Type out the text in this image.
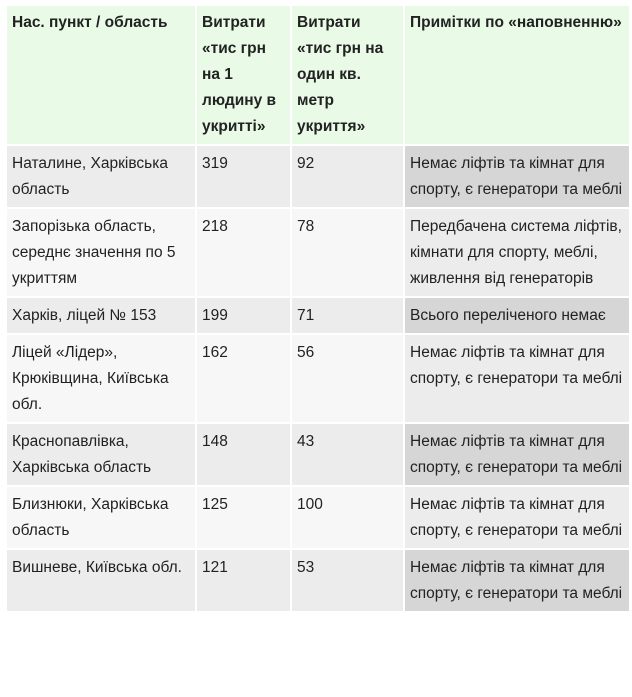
Нас. пункт / область	Витрати «тис грн на 1 людину в укритті»	Витрати «тис грн на один кв. метр укриття»	Примітки по «наповненню»
Наталине, Харківська область	319	92	Немає ліфтів та кімнат для спорту, є генератори та меблі
Запорізька область, середнє значення по 5 укриттям	218	78	Передбачена система ліфтів, кімнати для спорту, меблі, живлення від генераторів
Харків, ліцей № 153	199	71	Всього переліченого немає
Ліцей «Лідер», Крюківщина, Київська обл.	162	56	Немає ліфтів та кімнат для спорту, є генератори та меблі
Краснопавлівка, Харківська область	148	43	Немає ліфтів та кімнат для спорту, є генератори та меблі
Близнюки, Харківська область	125	100	Немає ліфтів та кімнат для спорту, є генератори та меблі
Вишневе, Київська обл.	121	53	Немає ліфтів та кімнат для спорту, є генератори та меблі
